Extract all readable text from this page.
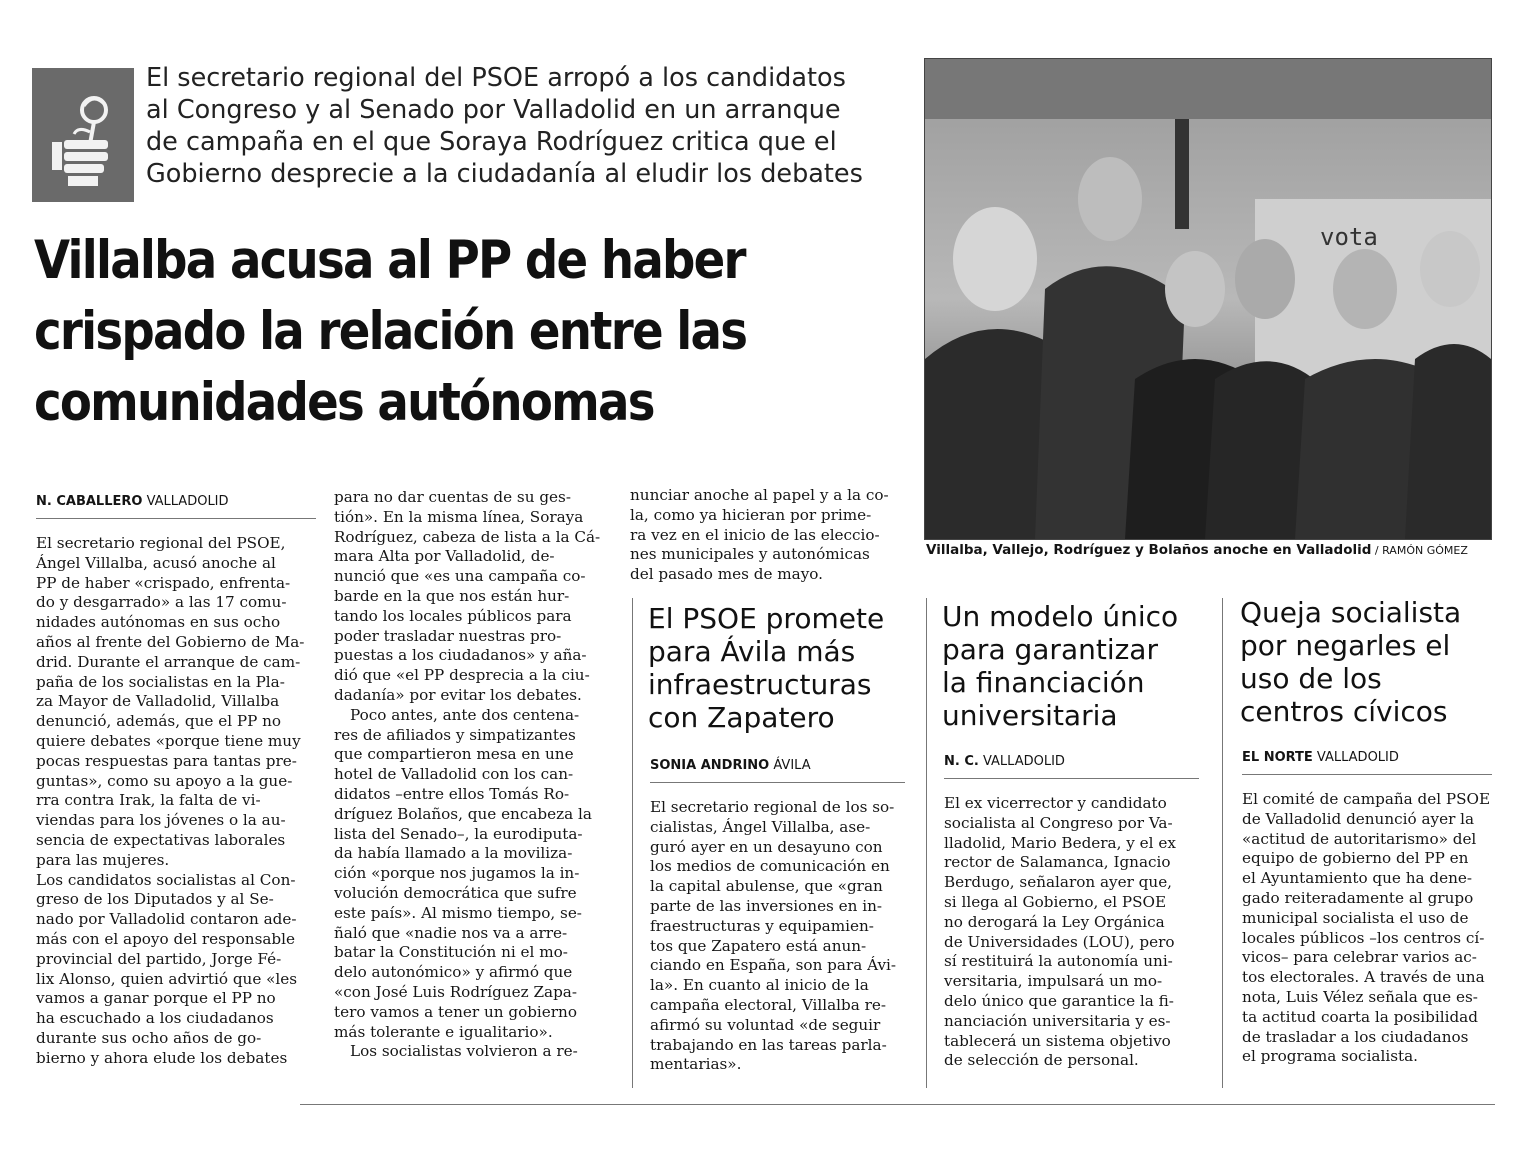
El secretario regional del PSOE arropó a los candidatos
al Congreso y al Senado por Valladolid en un arranque
de campaña en el que Soraya Rodríguez critica que el
Gobierno desprecie a la ciudadanía al eludir los debates
Villalba acusa al PP de haber
crispado la relación entre las
comunidades autónomas
vota
Villalba, Vallejo, Rodríguez y Bolaños anoche en Valladolid / RAMÓN GÓMEZ
N. CABALLERO VALLADOLID
El secretario regional del PSOE,
Ángel Villalba, acusó anoche al
PP de haber «crispado, enfrenta-
do y desgarrado» a las 17 comu-
nidades autónomas en sus ocho
años al frente del Gobierno de Ma-
drid. Durante el arranque de cam-
paña de los socialistas en la Pla-
za Mayor de Valladolid, Villalba
denunció, además, que el PP no
quiere debates «porque tiene muy
pocas respuestas para tantas pre-
guntas», como su apoyo a la gue-
rra contra Irak, la falta de vi-
viendas para los jóvenes o la au-
sencia de expectativas laborales
para las mujeres.
Los candidatos socialistas al Con-
greso de los Diputados y al Se-
nado por Valladolid contaron ade-
más con el apoyo del responsable
provincial del partido, Jorge Fé-
lix Alonso, quien advirtió que «les
vamos a ganar porque el PP no
ha escuchado a los ciudadanos
durante sus ocho años de go-
bierno y ahora elude los debates
para no dar cuentas de su ges-
tión». En la misma línea, Soraya
Rodríguez, cabeza de lista a la Cá-
mara Alta por Valladolid, de-
nunció que «es una campaña co-
barde en la que nos están hur-
tando los locales públicos para
poder trasladar nuestras pro-
puestas a los ciudadanos» y aña-
dió que «el PP desprecia a la ciu-
dadanía» por evitar los debates.
Poco antes, ante dos centena-
res de afiliados y simpatizantes
que compartieron mesa en une
hotel de Valladolid con los can-
didatos –entre ellos Tomás Ro-
dríguez Bolaños, que encabeza la
lista del Senado–, la eurodiputa-
da había llamado a la moviliza-
ción «porque nos jugamos la in-
volución democrática que sufre
este país». Al mismo tiempo, se-
ñaló que «nadie nos va a arre-
batar la Constitución ni el mo-
delo autonómico» y afirmó que
«con José Luis Rodríguez Zapa-
tero vamos a tener un gobierno
más tolerante e igualitario».
Los socialistas volvieron a re-
nunciar anoche al papel y a la co-
la, como ya hicieran por prime-
ra vez en el inicio de las eleccio-
nes municipales y autonómicas
del pasado mes de mayo.
El PSOE promete
para Ávila más
infraestructuras
con Zapatero
SONIA ANDRINO ÁVILA
El secretario regional de los so-
cialistas, Ángel Villalba, ase-
guró ayer en un desayuno con
los medios de comunicación en
la capital abulense, que «gran
parte de las inversiones en in-
fraestructuras y equipamien-
tos que Zapatero está anun-
ciando en España, son para Ávi-
la». En cuanto al inicio de la
campaña electoral, Villalba re-
afirmó su voluntad «de seguir
trabajando en las tareas parla-
mentarias».
Un modelo único
para garantizar
la financiación
universitaria
N. C. VALLADOLID
El ex vicerrector y candidato
socialista al Congreso por Va-
lladolid, Mario Bedera, y el ex
rector de Salamanca, Ignacio
Berdugo, señalaron ayer que,
si llega al Gobierno, el PSOE
no derogará la Ley Orgánica
de Universidades (LOU), pero
sí restituirá la autonomía uni-
versitaria, impulsará un mo-
delo único que garantice la fi-
nanciación universitaria y es-
tablecerá un sistema objetivo
de selección de personal.
Queja socialista
por negarles el
uso de los
centros cívicos
EL NORTE VALLADOLID
El comité de campaña del PSOE
de Valladolid denunció ayer la
«actitud de autoritarismo» del
equipo de gobierno del PP en
el Ayuntamiento que ha dene-
gado reiteradamente al grupo
municipal socialista el uso de
locales públicos –los centros cí-
vicos– para celebrar varios ac-
tos electorales. A través de una
nota, Luis Vélez señala que es-
ta actitud coarta la posibilidad
de trasladar a los ciudadanos
el programa socialista.
